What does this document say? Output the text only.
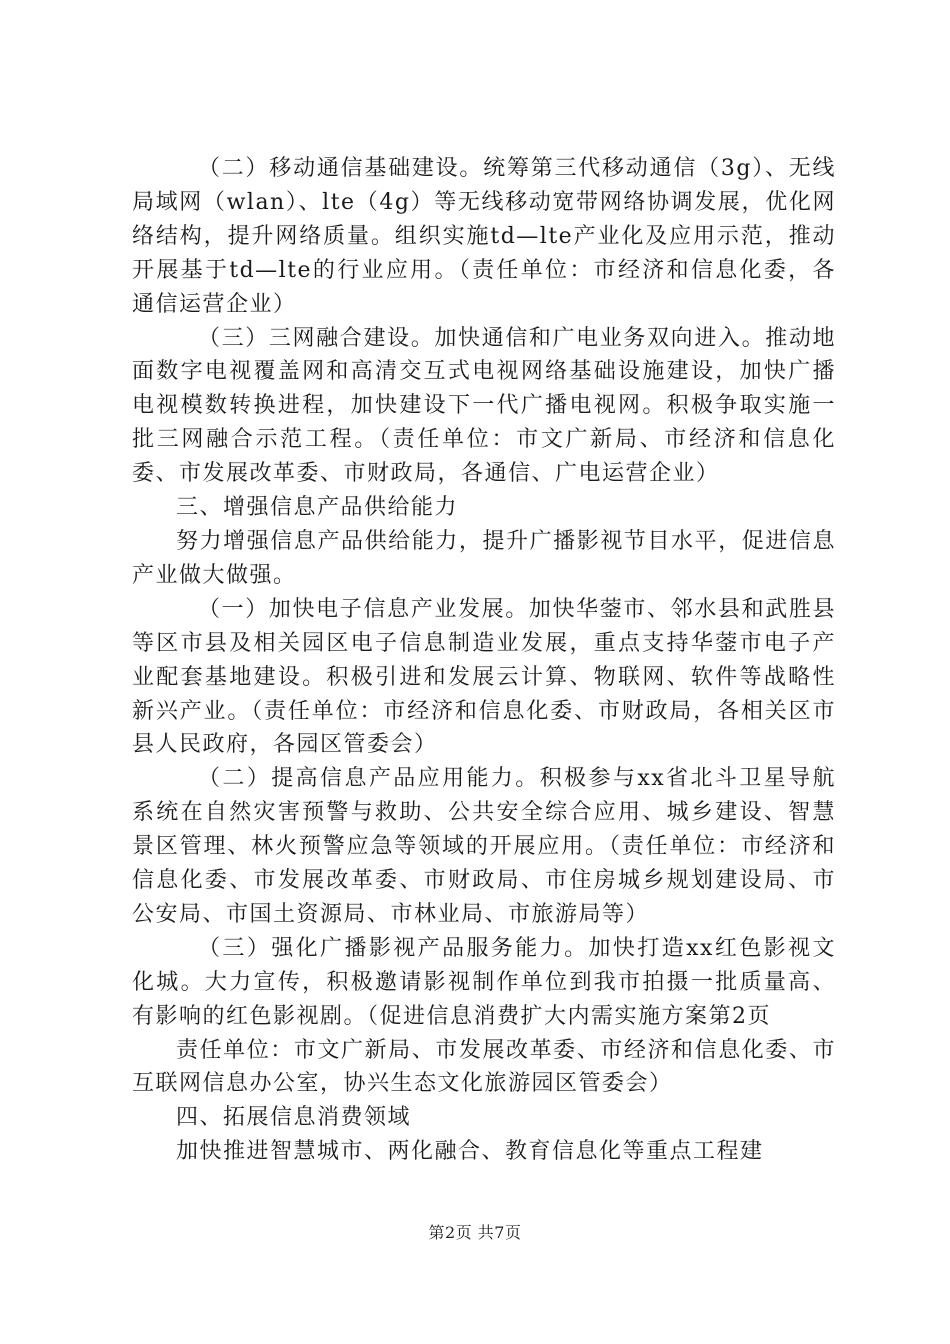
（二）移动通信基础建设。统筹第三代移动通信（3g）、无线局域网（wlan）、lte（4g）等无线移动宽带网络协调发展，优化网络结构，提升网络质量。组织实施td—lte产业化及应用示范，推动开展基于td—lte的行业应用。（责任单位：市经济和信息化委，各通信运营企业）

（三）三网融合建设。加快通信和广电业务双向进入。推动地面数字电视覆盖网和高清交互式电视网络基础设施建设，加快广播电视模数转换进程，加快建设下一代广播电视网。积极争取实施一批三网融合示范工程。（责任单位：市文广新局、市经济和信息化委、市发展改革委、市财政局，各通信、广电运营企业）

三、增强信息产品供给能力

努力增强信息产品供给能力，提升广播影视节目水平，促进信息产业做大做强。

（一）加快电子信息产业发展。加快华蓥市、邻水县和武胜县等区市县及相关园区电子信息制造业发展，重点支持华蓥市电子产业配套基地建设。积极引进和发展云计算、物联网、软件等战略性新兴产业。（责任单位：市经济和信息化委、市财政局，各相关区市县人民政府，各园区管委会）

（二）提高信息产品应用能力。积极参与xx省北斗卫星导航系统在自然灾害预警与救助、公共安全综合应用、城乡建设、智慧景区管理、林火预警应急等领域的开展应用。（责任单位：市经济和信息化委、市发展改革委、市财政局、市住房城乡规划建设局、市公安局、市国土资源局、市林业局、市旅游局等）

（三）强化广播影视产品服务能力。加快打造xx红色影视文化城。大力宣传，积极邀请影视制作单位到我市拍摄一批质量高、有影响的红色影视剧。（促进信息消费扩大内需实施方案第2页

责任单位：市文广新局、市发展改革委、市经济和信息化委、市互联网信息办公室，协兴生态文化旅游园区管委会）

四、拓展信息消费领域

加快推进智慧城市、两化融合、教育信息化等重点工程建

第2页 共7页
